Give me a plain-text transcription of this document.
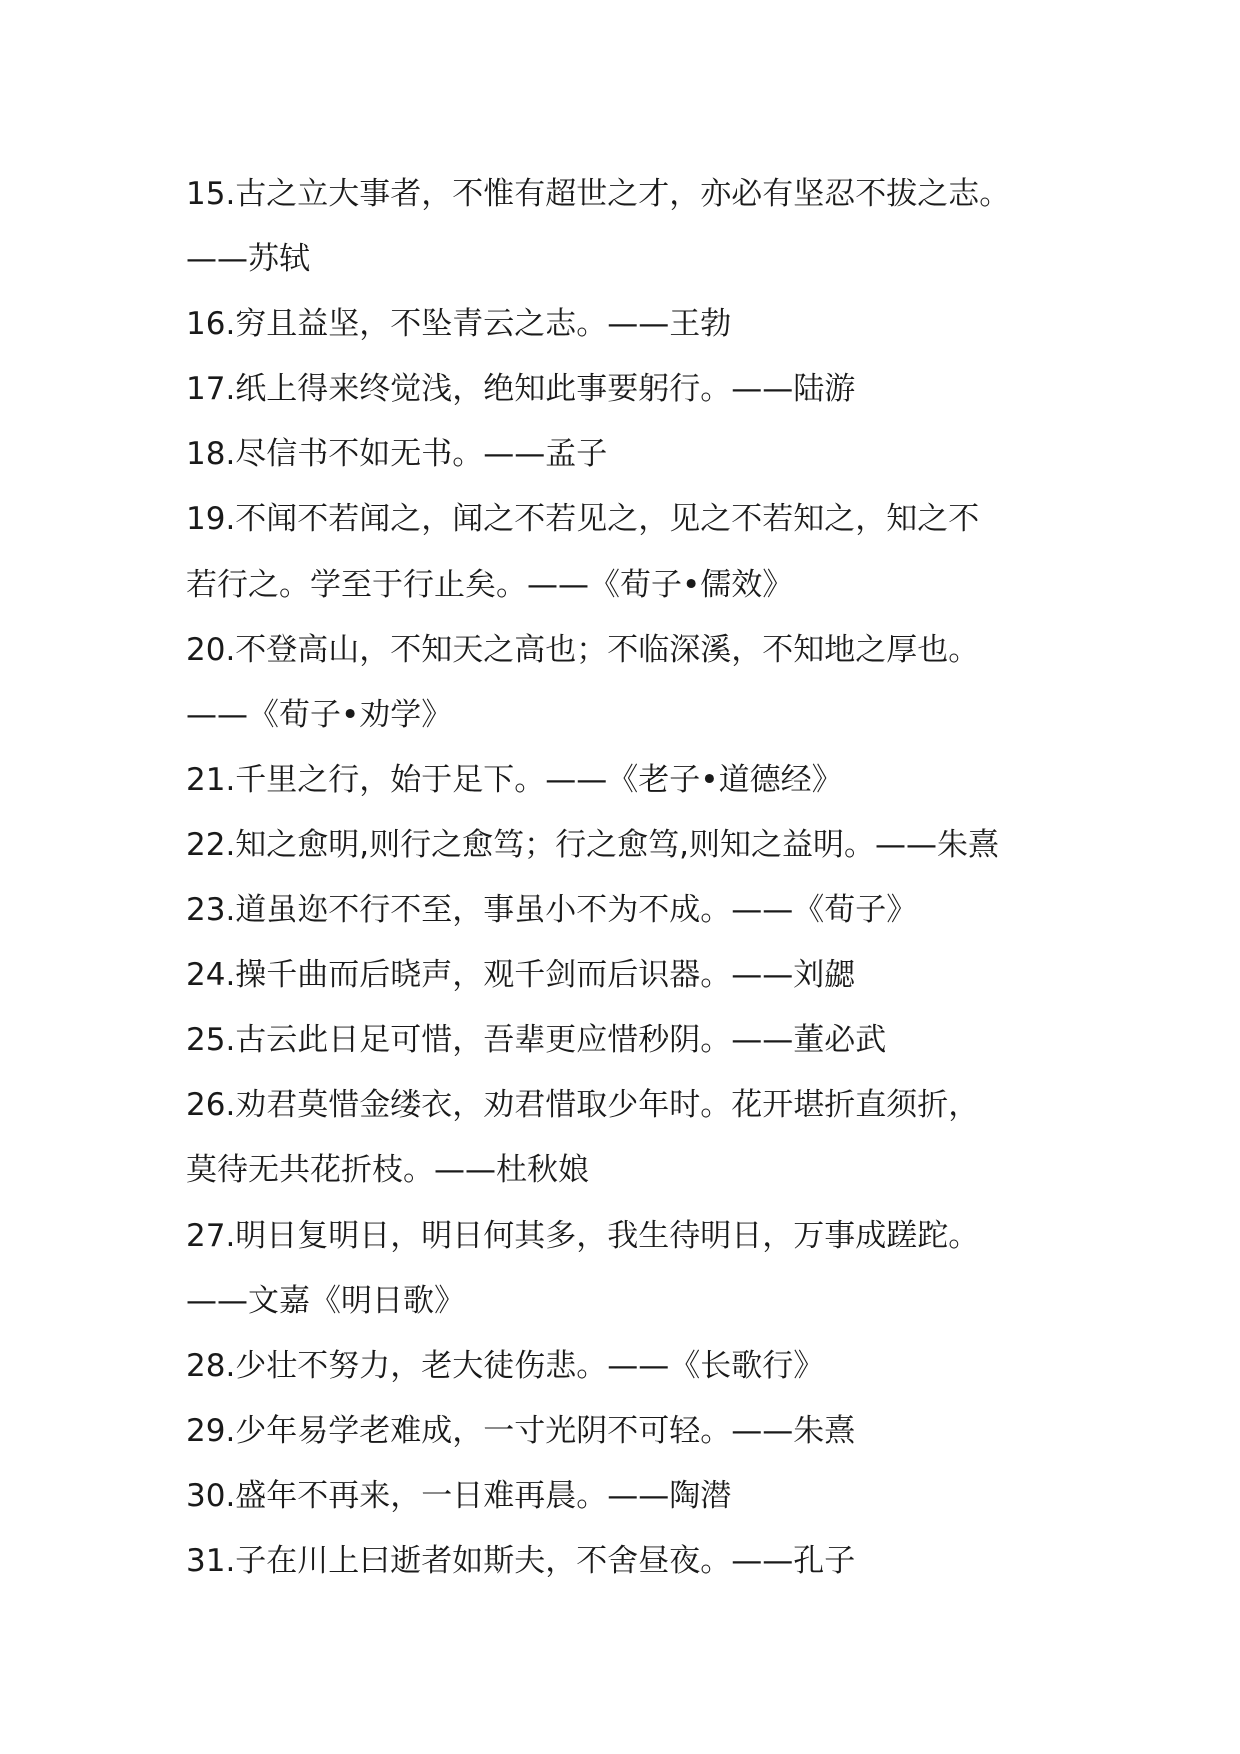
15.古之立大事者，不惟有超世之才，亦必有坚忍不拔之志。
——苏轼
16.穷且益坚，不坠青云之志。——王勃
17.纸上得来终觉浅，绝知此事要躬行。——陆游
18.尽信书不如无书。——孟子
19.不闻不若闻之，闻之不若见之，见之不若知之，知之不
若行之。学至于行止矣。——《荀子•儒效》
20.不登高山，不知天之高也；不临深溪，不知地之厚也。
——《荀子•劝学》
21.千里之行，始于足下。——《老子•道德经》
22.知之愈明,则行之愈笃；行之愈笃,则知之益明。——朱熹
23.道虽迩不行不至，事虽小不为不成。——《荀子》
24.操千曲而后晓声，观千剑而后识器。——刘勰
25.古云此日足可惜，吾辈更应惜秒阴。——董必武
26.劝君莫惜金缕衣，劝君惜取少年时。花开堪折直须折，
莫待无共花折枝。——杜秋娘
27.明日复明日，明日何其多，我生待明日，万事成蹉跎。
——文嘉《明日歌》
28.少壮不努力，老大徒伤悲。——《长歌行》
29.少年易学老难成，一寸光阴不可轻。——朱熹
30.盛年不再来，一日难再晨。——陶潜
31.子在川上曰逝者如斯夫，不舍昼夜。——孔子
